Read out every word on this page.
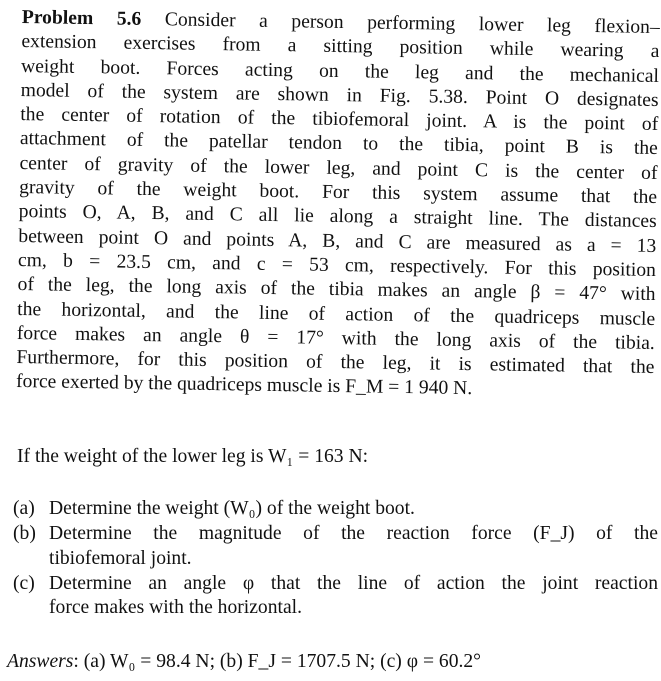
Problem 5.6 Consider a person performing lower leg flexion–
extension exercises from a sitting position while wearing a
weight boot. Forces acting on the leg and the mechanical
model of the system are shown in Fig. 5.38. Point O designates
the center of rotation of the tibiofemoral joint. A is the point of
attachment of the patellar tendon to the tibia, point B is the
center of gravity of the lower leg, and point C is the center of
gravity of the weight boot. For this system assume that the
points O, A, B, and C all lie along a straight line. The distances
between point O and points A, B, and C are measured as a = 13
cm, b = 23.5 cm, and c = 53 cm, respectively. For this position
of the leg, the long axis of the tibia makes an angle β = 47° with
the horizontal, and the line of action of the quadriceps muscle
force makes an angle θ = 17° with the long axis of the tibia.
Furthermore, for this position of the leg, it is estimated that the
force exerted by the quadriceps muscle is F_M = 1 940 N.
If the weight of the lower leg is W₁ = 163 N:
(a) Determine the weight (W₀) of the weight boot.
(b) Determine the magnitude of the reaction force (F_J) of the
tibiofemoral joint.
(c) Determine an angle φ that the line of action the joint reaction
force makes with the horizontal.
Answers: (a) W₀ = 98.4 N; (b) F_J = 1707.5 N; (c) φ = 60.2°
